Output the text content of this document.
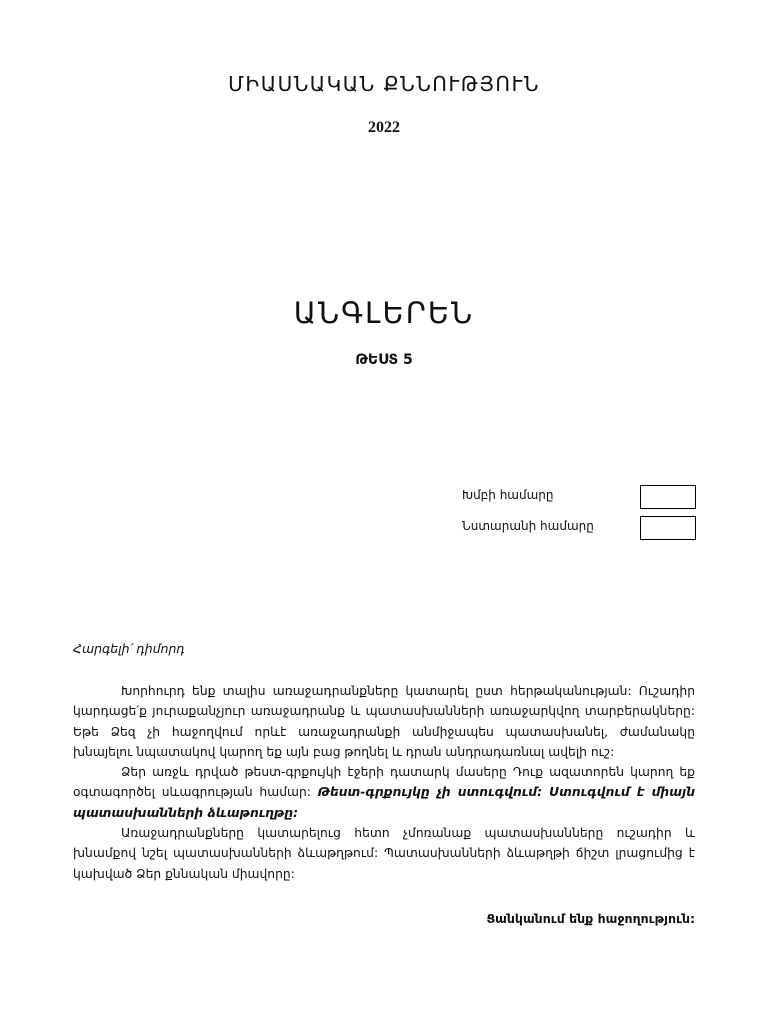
ՄԻԱՍՆԱԿԱՆ ՔՆՆՈՒԹՅՈՒՆ
2022
ԱՆԳԼԵՐԵՆ
ԹԵՍՏ 5
Խմբի համարը
Նստարանի համարը
Հարգելի՛ դիմորդ

Խորհուրդ ենք տալիս առաջադրանքները կատարել ըստ հերթականության: Ուշադիր կարդացե՛ք յուրաքանչյուր առաջադրանք և պատասխանների առաջարկվող տարբերակները: Եթե Ձեզ չի հաջողվում որևէ առաջադրանքի անմիջապես պատասխանել, ժամանակը խնայելու նպատակով կարող եք այն բաց թողնել և դրան անդրադառնալ ավելի ուշ:

Ձեր առջև դրված թեստ-գրքույկի էջերի դատարկ մասերը Դուք ազատորեն կարող եք օգտագործել սևագրության համար: Թեստ-գրքույկը չի ստուգվում: Ստուգվում է միայն պատասխանների ձևաթուղթը:

Առաջադրանքները կատարելուց հետո չմոռանաք պատասխանները ուշադիր և խնամքով նշել պատասխանների ձևաթղթում: Պատասխանների ձևաթղթի ճիշտ լրացումից է կախված Ձեր քննական միավորը:

Ցանկանում ենք հաջողություն:
